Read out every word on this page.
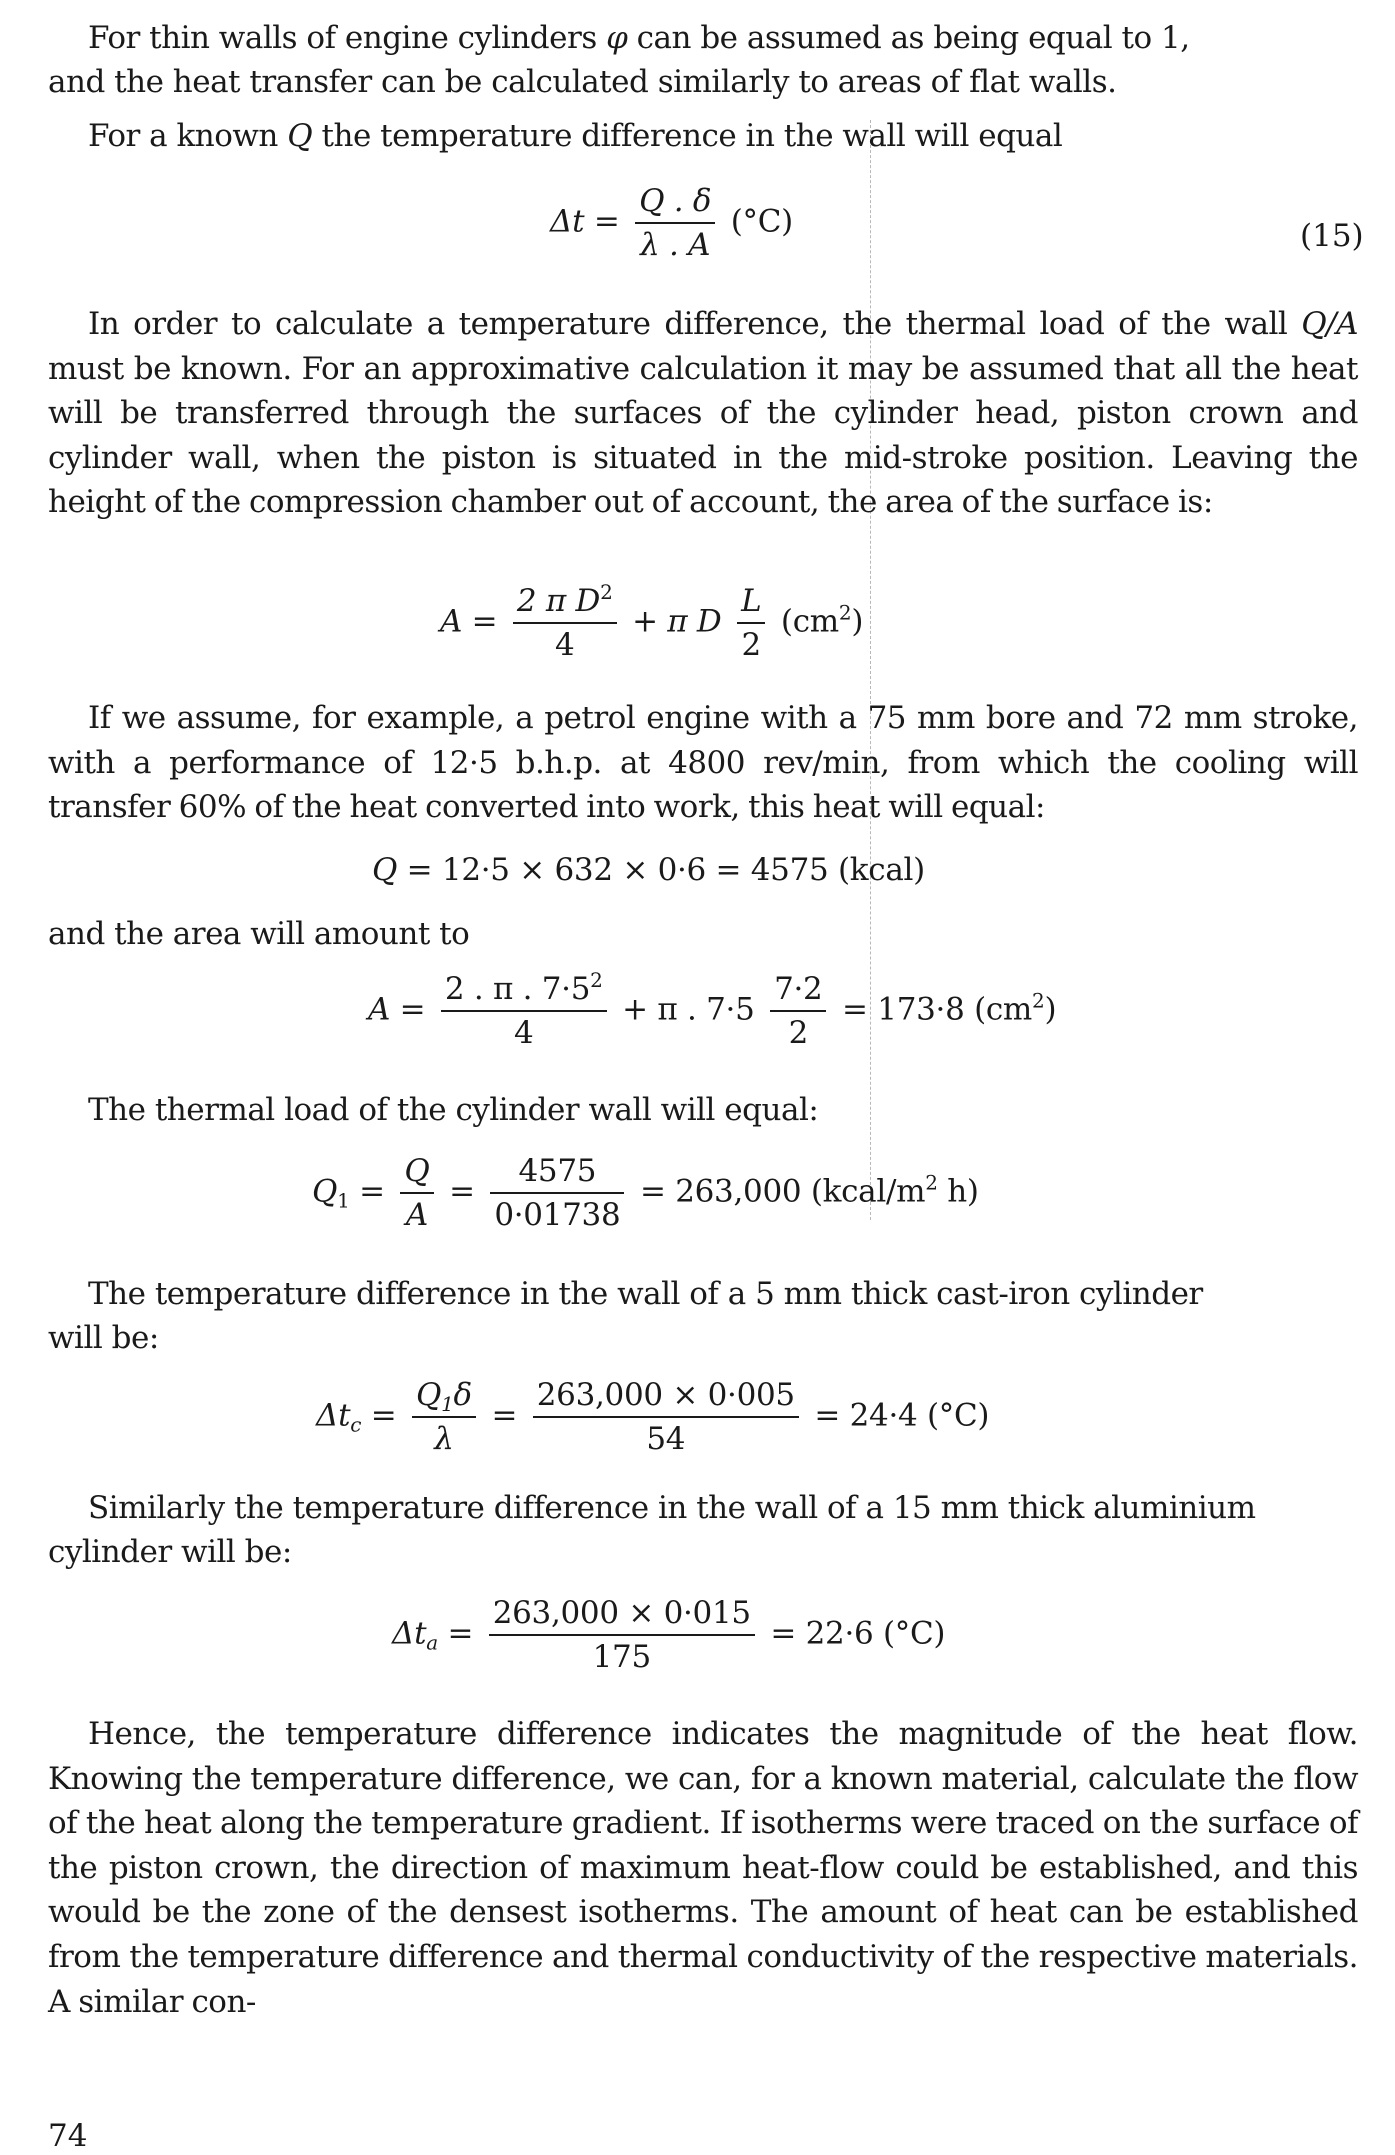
For thin walls of engine cylinders φ can be assumed as being equal to 1,
and the heat transfer can be calculated similarly to areas of flat walls.
For a known Q the temperature difference in the wall will equal
$\Delta t = \frac{Q . \delta}{\lambda . A} (^\circ C)$	(15)
In order to calculate a temperature difference, the thermal load of the wall Q/A must be known. For an approximative calculation it may be assumed that all the heat will be transferred through the surfaces of the cylinder head, piston crown and cylinder wall, when the piston is situated in the mid-stroke position. Leaving the height of the compression chamber out of account, the area of the surface is:
$A = \frac{2 \pi D^2}{4} + \pi$ D $\frac{L}{2} (cm^2)$
If we assume, for example, a petrol engine with a 75 mm bore and 72 mm stroke, with a performance of 12·5 b.h.p. at 4800 rev/min, from which the cooling will transfer 60% of the heat converted into work, this heat will equal:
Q = 12·5 × 632 × 0·6 = 4575 (kcal)
and the area will amount to
$A = \frac{2 . \pi . 7\cdot 5^2}{4} + \pi$ . $7\cdot 5 \frac{7\cdot 2}{2} = 173\cdot 8$ $(cm^2)$
The thermal load of the cylinder wall will equal:
$Q_1 = \frac{Q}{A} = \frac{4575}{0\cdot 01738} = 263,000$ ($kcal/m^2$ h)
The temperature difference in the wall of a 5 mm thick cast-iron cylinder
will be:
$\Delta t_c = \frac{Q_1\delta}{\lambda} = \frac{263,000 \times 0\cdot 005}{54} = 24\cdot 4$ (°C)
Similarly the temperature difference in the wall of a 15 mm thick aluminium
cylinder will be:
$\Delta t_a = \frac{263,000 \times 0\cdot 015}{175} = 22\cdot 6$ (°C)
Hence, the temperature difference indicates the magnitude of the heat flow. Knowing the temperature difference, we can, for a known material, calculate the flow of the heat along the temperature gradient. If isotherms were traced on the surface of the piston crown, the direction of maximum heat-flow could be established, and this would be the zone of the densest isotherms. The amount of heat can be established from the temperature difference and thermal conductivity of the respective materials. A similar con-
74
